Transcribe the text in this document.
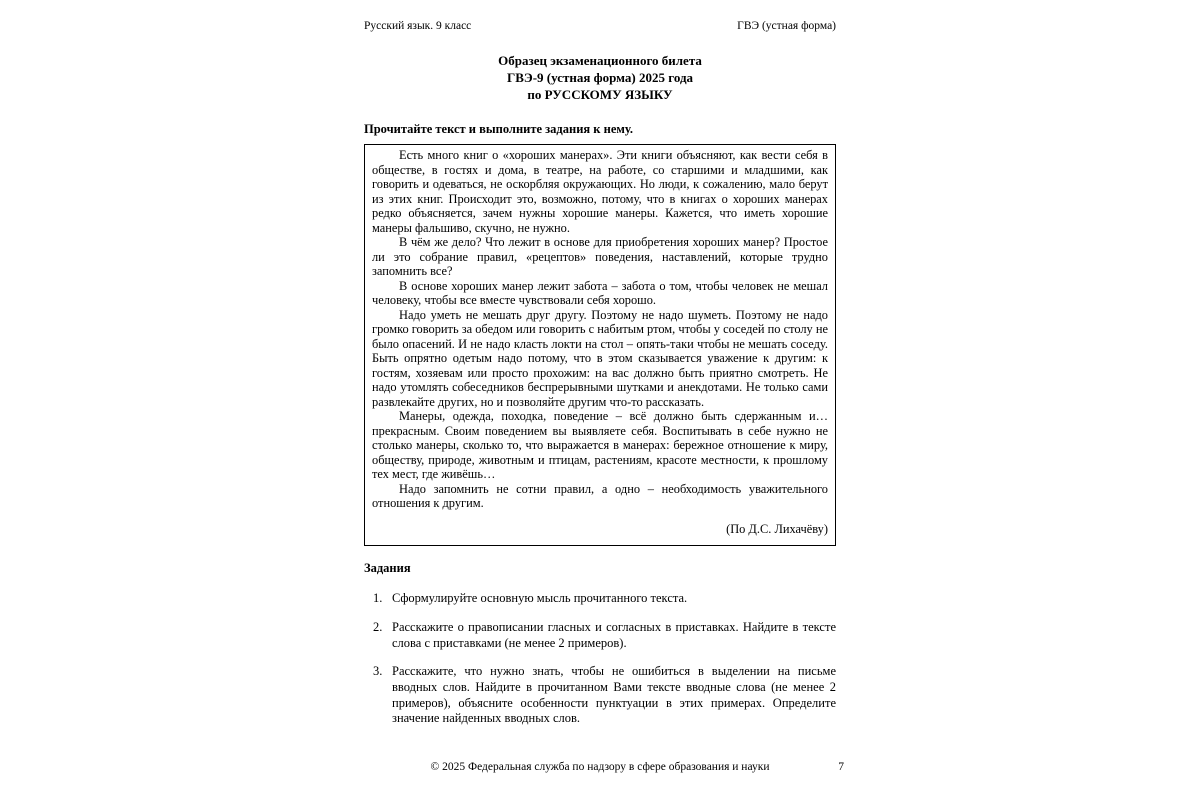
Русский язык. 9 класс	ГВЭ (устная форма)
Образец экзаменационного билета
ГВЭ-9 (устная форма) 2025 года
по РУССКОМУ ЯЗЫКУ
Прочитайте текст и выполните задания к нему.

Есть много книг о «хороших манерах». Эти книги объясняют, как вести себя в обществе, в гостях и дома, в театре, на работе, со старшими и младшими, как говорить и одеваться, не оскорбляя окружающих. Но люди, к сожалению, мало берут из этих книг. Происходит это, возможно, потому, что в книгах о хороших манерах редко объясняется, зачем нужны хорошие манеры. Кажется, что иметь хорошие манеры фальшиво, скучно, не нужно.

В чём же дело? Что лежит в основе для приобретения хороших манер? Простое ли это собрание правил, «рецептов» поведения, наставлений, которые трудно запомнить все?

В основе хороших манер лежит забота – забота о том, чтобы человек не мешал человеку, чтобы все вместе чувствовали себя хорошо.

Надо уметь не мешать друг другу. Поэтому не надо шуметь. Поэтому не надо громко говорить за обедом или говорить с набитым ртом, чтобы у соседей по столу не было опасений. И не надо класть локти на стол – опять-таки чтобы не мешать соседу. Быть опрятно одетым надо потому, что в этом сказывается уважение к другим: к гостям, хозяевам или просто прохожим: на вас должно быть приятно смотреть. Не надо утомлять собеседников беспрерывными шутками и анекдотами. Не только сами развлекайте других, но и позволяйте другим что-то рассказать.

Манеры, одежда, походка, поведение – всё должно быть сдержанным и… прекрасным. Своим поведением вы выявляете себя. Воспитывать в себе нужно не столько манеры, сколько то, что выражается в манерах: бережное отношение к миру, обществу, природе, животным и птицам, растениям, красоте местности, к прошлому тех мест, где живёшь…

Надо запомнить не сотни правил, а одно – необходимость уважительного отношения к другим.

(По Д.С. Лихачёву)
Задания
1. Сформулируйте основную мысль прочитанного текста.
2. Расскажите о правописании гласных и согласных в приставках. Найдите в тексте слова с приставками (не менее 2 примеров).
3. Расскажите, что нужно знать, чтобы не ошибиться в выделении на письме вводных слов. Найдите в прочитанном Вами тексте вводные слова (не менее 2 примеров), объясните особенности пунктуации в этих примерах. Определите значение найденных вводных слов.
© 2025 Федеральная служба по надзору в сфере образования и науки	7
